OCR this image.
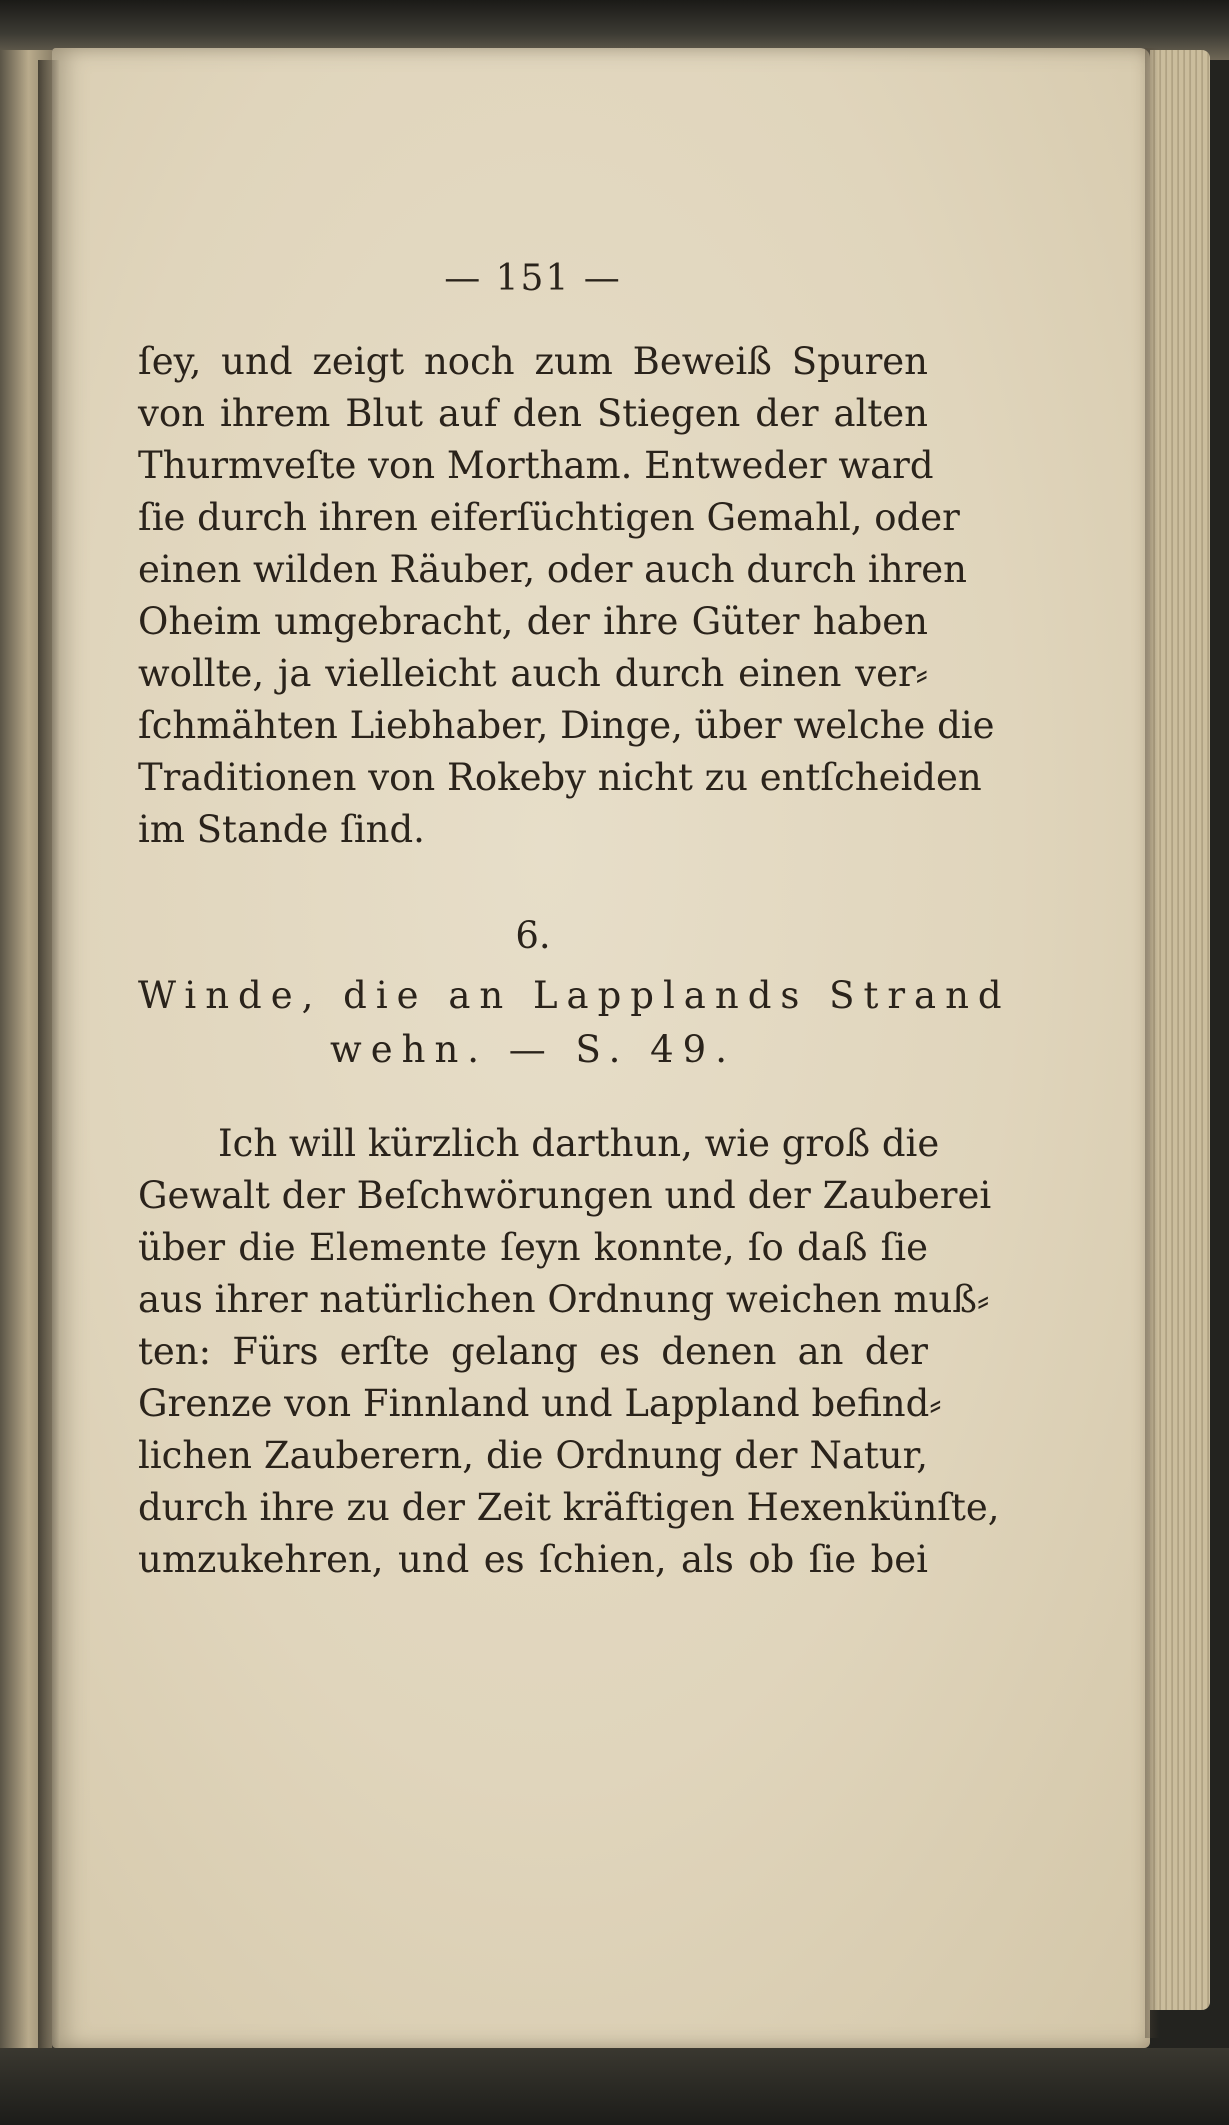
— 151 —
ſey, und zeigt noch zum Beweiß Spuren
von ihrem Blut auf den Stiegen der alten
Thurmveſte von Mortham. Entweder ward
ſie durch ihren eiferſüchtigen Gemahl, oder
einen wilden Räuber, oder auch durch ihren
Oheim umgebracht, der ihre Güter haben
wollte, ja vielleicht auch durch einen ver⸗
ſchmähten Liebhaber, Dinge, über welche die
Traditionen von Rokeby nicht zu entſcheiden
im Stande ſind.
6.
Winde, die an Lapplands Strand
wehn. — S. 49.
Ich will kürzlich darthun, wie groß die
Gewalt der Beſchwörungen und der Zauberei
über die Elemente ſeyn konnte, ſo daß ſie
aus ihrer natürlichen Ordnung weichen muß⸗
ten: Fürs erſte gelang es denen an der
Grenze von Finnland und Lappland befind⸗
lichen Zauberern, die Ordnung der Natur,
durch ihre zu der Zeit kräftigen Hexenkünſte,
umzukehren, und es ſchien, als ob ſie bei
